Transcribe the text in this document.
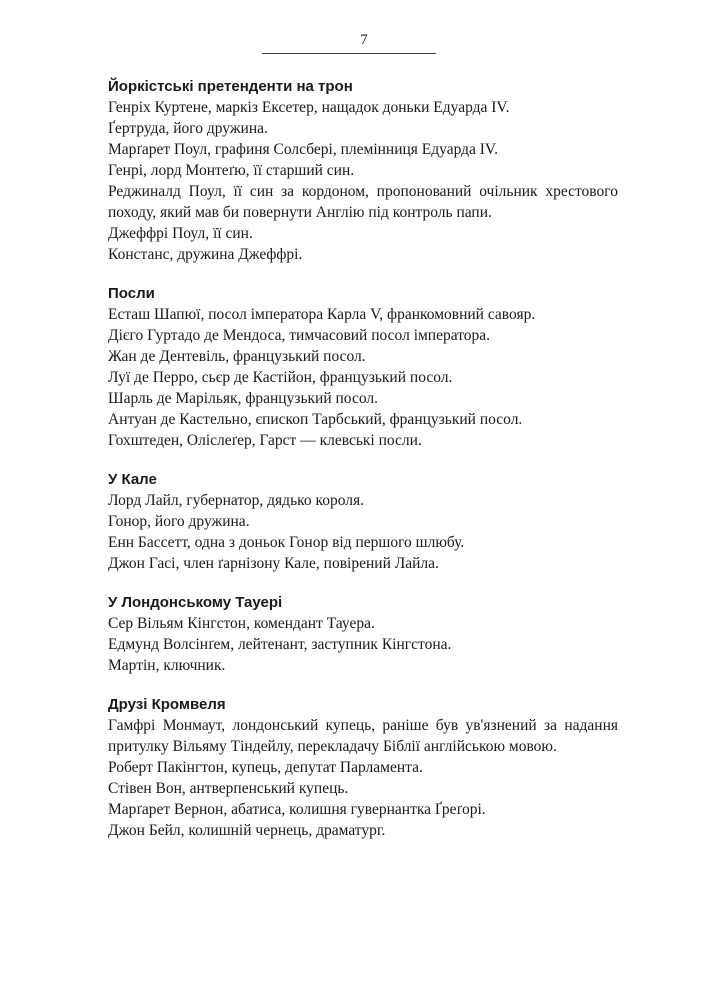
7

Йоркістські претенденти на трон

Генріх Куртене, маркіз Ексетер, нащадок доньки Едуарда IV.

Ґертруда, його дружина.

Марґарет Поул, графиня Солсбері, племінниця Едуарда IV.

Генрі, лорд Монтеґю, її старший син.

Реджиналд Поул, її син за кордоном, пропонований очільник хрестового походу, який мав би повернути Англію під контроль папи.

Джеффрі Поул, її син.

Констанс, дружина Джеффрі.

Посли

Есташ Шапюї, посол імператора Карла V, франкомовний савояр.

Дієго Гуртадо де Мендоса, тимчасовий посол імператора.

Жан де Дентевіль, французький посол.

Луї де Перро, сьєр де Кастійон, французький посол.

Шарль де Марільяк, французький посол.

Антуан де Кастельно, єпископ Тарбський, французький посол.

Гохштеден, Оліслеґер, Гарст — клевські посли.

У Кале

Лорд Лайл, губернатор, дядько короля.

Гонор, його дружина.

Енн Бассетт, одна з доньок Гонор від першого шлюбу.

Джон Гасі, член ґарнізону Кале, повірений Лайла.

У Лондонському Тауері

Сер Вільям Кінгстон, комендант Тауера.

Едмунд Волсінґем, лейтенант, заступник Кінгстона.

Мартін, ключник.

Друзі Кромвеля

Гамфрі Монмаут, лондонський купець, раніше був ув'язнений за надання притулку Вільяму Тіндейлу, перекладачу Біблії англійською мовою.

Роберт Пакінгтон, купець, депутат Парламента.

Стівен Вон, антверпенський купець.

Марґарет Вернон, абатиса, колишня гувернантка Ґреґорі.

Джон Бейл, колишній чернець, драматург.
